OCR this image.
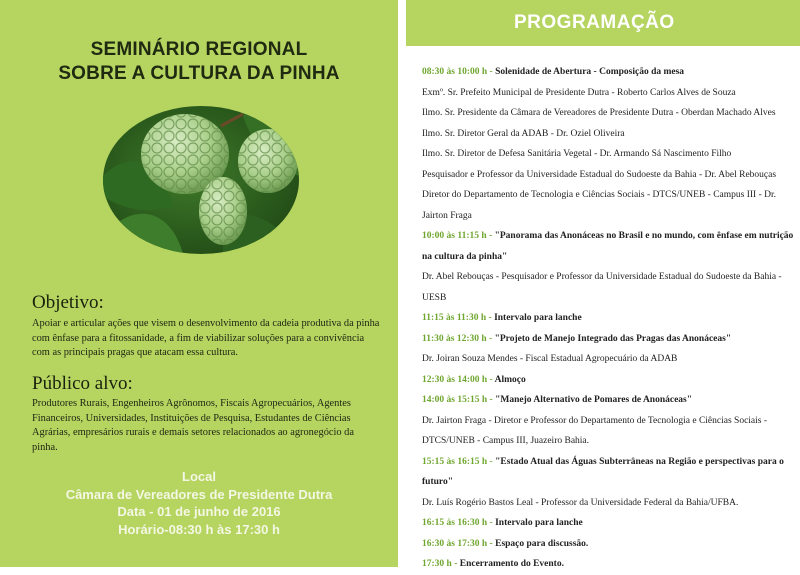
SEMINÁRIO REGIONAL
SOBRE A CULTURA DA PINHA
Objetivo:
Apoiar e articular ações que visem o desenvolvimento da cadeia produtiva da pinha com ênfase para a fitossanidade, a fim de viabilizar soluções para a convivência com as principais pragas que atacam essa cultura.
Público alvo:
Produtores Rurais, Engenheiros Agrônomos, Fiscais Agropecuários, Agentes Financeiros, Universidades, Instituições de Pesquisa, Estudantes de Ciências Agrárias, empresários rurais e demais setores relacionados ao agronegócio da pinha.
Local
Câmara de Vereadores de Presidente Dutra
Data - 01 de junho de 2016
Horário-08:30 h às 17:30 h
PROGRAMAÇÃO
08:30 às 10:00 h - Solenidade de Abertura - Composição da mesa
Exmº. Sr. Prefeito Municipal de Presidente Dutra - Roberto Carlos Alves de Souza
Ilmo. Sr. Presidente da Câmara de Vereadores de Presidente Dutra - Oberdan Machado Alves
Ilmo. Sr. Diretor Geral da ADAB - Dr. Oziel Oliveira
Ilmo. Sr. Diretor de Defesa Sanitária Vegetal - Dr. Armando Sá Nascimento Filho
Pesquisador e Professor da Universidade Estadual do Sudoeste da Bahia - Dr. Abel Rebouças
Diretor do Departamento de Tecnologia e Ciências Sociais - DTCS/UNEB - Campus III - Dr.
Jairton Fraga
10:00 às 11:15 h - "Panorama das Anonáceas no Brasil e no mundo, com ênfase em nutrição
na cultura da pinha"
Dr. Abel Rebouças - Pesquisador e Professor da Universidade Estadual do Sudoeste da Bahia -
UESB
11:15 às 11:30 h - Intervalo para lanche
11:30 às 12:30 h - "Projeto de Manejo Integrado das Pragas das Anonáceas"
Dr. Joiran Souza Mendes - Fiscal Estadual Agropecuário da ADAB
12:30 às 14:00 h - Almoço
14:00 às 15:15 h - "Manejo Alternativo de Pomares de Anonáceas"
Dr. Jairton Fraga - Diretor e Professor do Departamento de Tecnologia e Ciências Sociais -
DTCS/UNEB - Campus III, Juazeiro Bahia.
15:15 às 16:15 h - "Estado Atual das Águas Subterrâneas na Região e perspectivas para o
futuro"
Dr. Luís Rogério Bastos Leal - Professor da Universidade Federal da Bahia/UFBA.
16:15 às 16:30 h - Intervalo para lanche
16:30 às 17:30 h - Espaço para discussão.
17:30 h - Encerramento do Evento.
